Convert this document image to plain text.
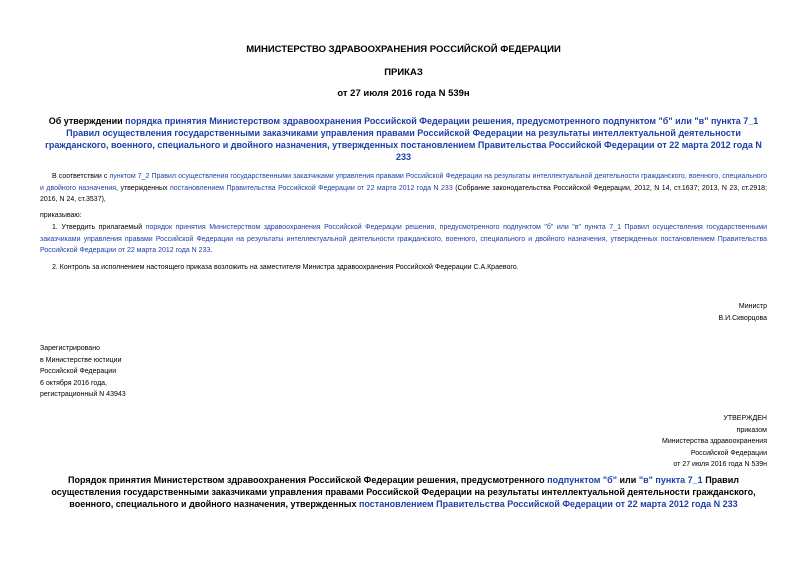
МИНИСТЕРСТВО ЗДРАВООХРАНЕНИЯ РОССИЙСКОЙ ФЕДЕРАЦИИ
ПРИКАЗ
от 27 июля 2016 года N 539н
Об утверждении порядка принятия Министерством здравоохранения Российской Федерации решения, предусмотренного подпунктом "б" или "в" пункта 7_1 Правил осуществления государственными заказчиками управления правами Российской Федерации на результаты интеллектуальной деятельности гражданского, военного, специального и двойного назначения, утвержденных постановлением Правительства Российской Федерации от 22 марта 2012 года N 233
В соответствии с пунктом 7_2 Правил осуществления государственными заказчиками управления правами Российской Федерации на результаты интеллектуальной деятельности гражданского, военного, специального и двойного назначения, утвержденных постановлением Правительства Российской Федерации от 22 марта 2012 года N 233 (Собрание законодательства Российской Федерации, 2012, N 14, ст.1637; 2013, N 23, ст.2918; 2016, N 24, ст.3537),
приказываю:
1. Утвердить прилагаемый порядок принятия Министерством здравоохранения Российской Федерации решения, предусмотренного подпунктом "б" или "в" пункта 7_1 Правил осуществления государственными заказчиками управления правами Российской Федерации на результаты интеллектуальной деятельности гражданского, военного, специального и двойного назначения, утвержденных постановлением Правительства Российской Федерации от 22 марта 2012 года N 233.
2. Контроль за исполнением настоящего приказа возложить на заместителя Министра здравоохранения Российской Федерации С.А.Краевого.
Министр
В.И.Скворцова
Зарегистрировано
в Министерстве юстиции
Российской Федерации
6 октября 2016 года,
регистрационный N 43943
УТВЕРЖДЕН
приказом
Министерства здравоохранения
Российской Федерации
от 27 июля 2016 года N 539н
Порядок принятия Министерством здравоохранения Российской Федерации решения, предусмотренного подпунктом "б" или "в" пункта 7_1 Правил осуществления государственными заказчиками управления правами Российской Федерации на результаты интеллектуальной деятельности гражданского, военного, специального и двойного назначения, утвержденных постановлением Правительства Российской Федерации от 22 марта 2012 года N 233
